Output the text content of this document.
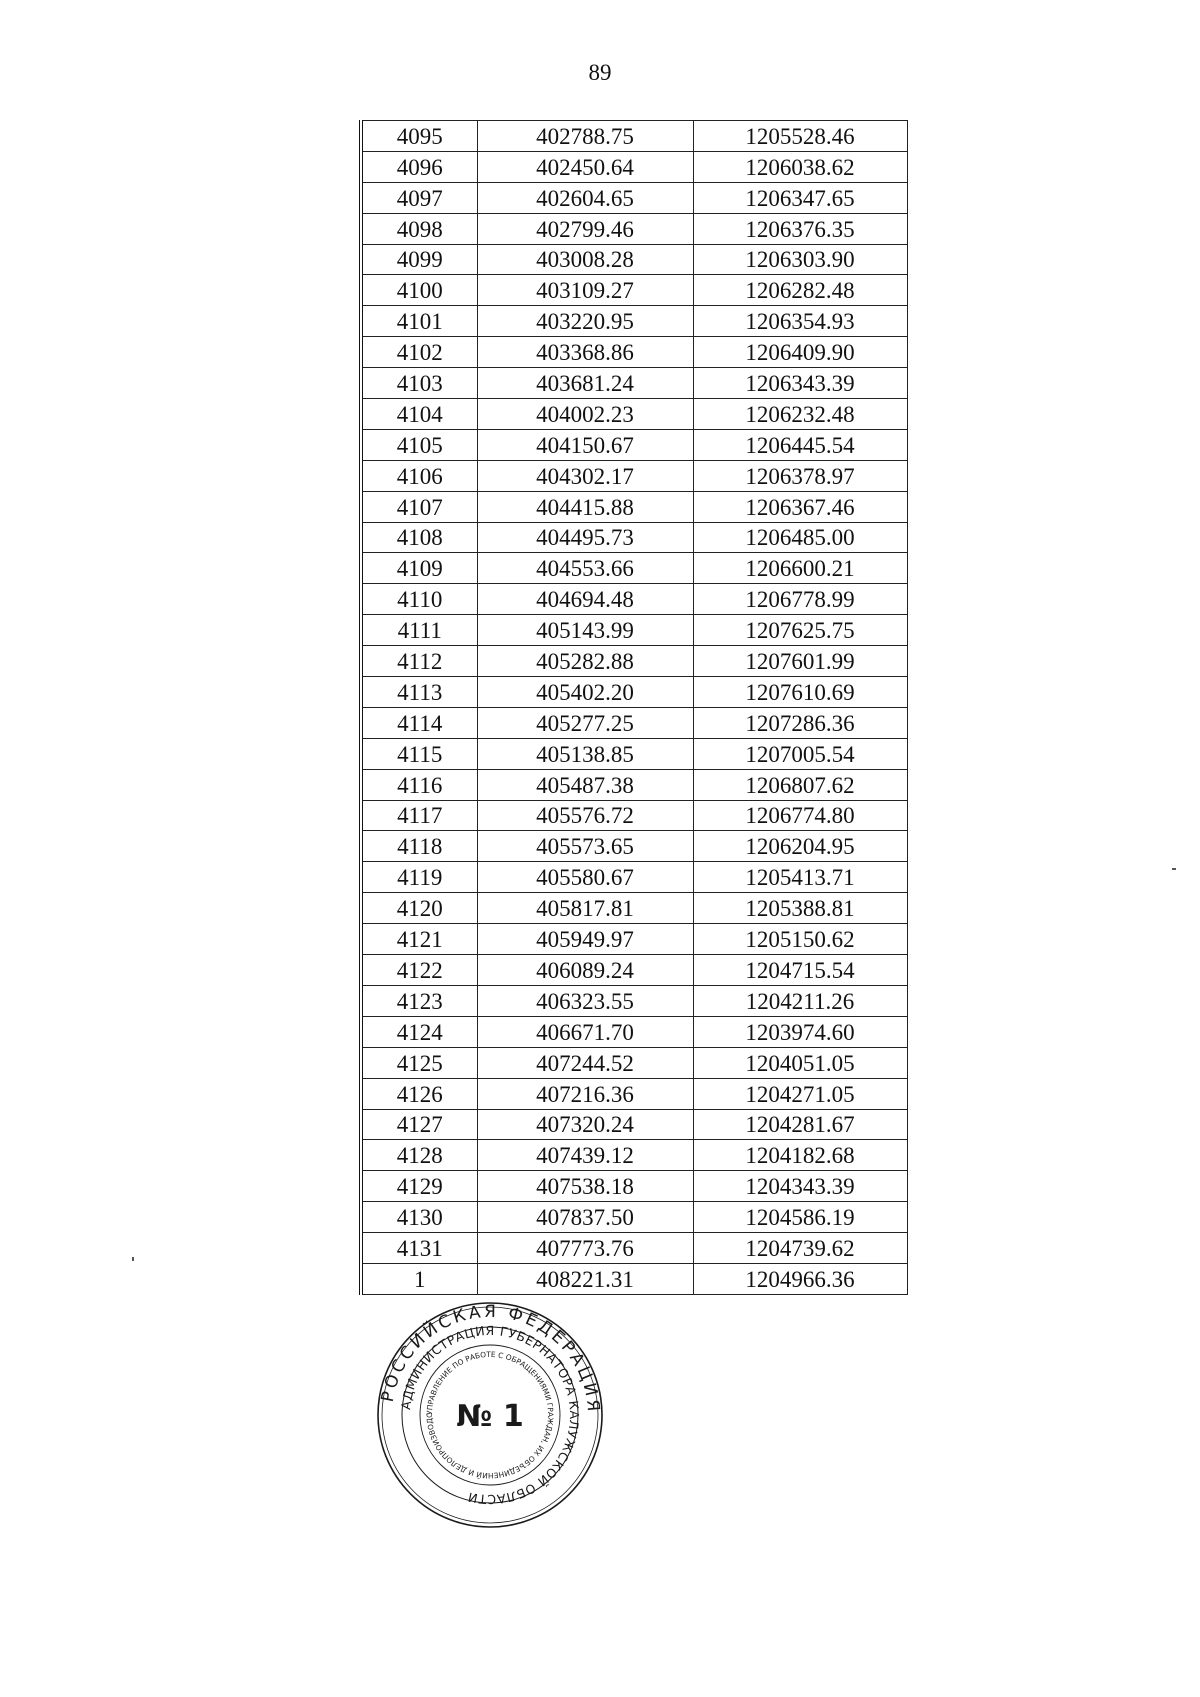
89
4095	402788.75	1205528.46
4096	402450.64	1206038.62
4097	402604.65	1206347.65
4098	402799.46	1206376.35
4099	403008.28	1206303.90
4100	403109.27	1206282.48
4101	403220.95	1206354.93
4102	403368.86	1206409.90
4103	403681.24	1206343.39
4104	404002.23	1206232.48
4105	404150.67	1206445.54
4106	404302.17	1206378.97
4107	404415.88	1206367.46
4108	404495.73	1206485.00
4109	404553.66	1206600.21
4110	404694.48	1206778.99
4111	405143.99	1207625.75
4112	405282.88	1207601.99
4113	405402.20	1207610.69
4114	405277.25	1207286.36
4115	405138.85	1207005.54
4116	405487.38	1206807.62
4117	405576.72	1206774.80
4118	405573.65	1206204.95
4119	405580.67	1205413.71
4120	405817.81	1205388.81
4121	405949.97	1205150.62
4122	406089.24	1204715.54
4123	406323.55	1204211.26
4124	406671.70	1203974.60
4125	407244.52	1204051.05
4126	407216.36	1204271.05
4127	407320.24	1204281.67
4128	407439.12	1204182.68
4129	407538.18	1204343.39
4130	407837.50	1204586.19
4131	407773.76	1204739.62
1	408221.31	1204966.36
РОССИЙСКАЯ ФЕДЕРАЦИЯ
АДМИНИСТРАЦИЯ ГУБЕРНАТОРА КАЛУЖСКОЙ ОБЛАСТИ
УПРАВЛЕНИЕ ПО РАБОТЕ С ОБРАЩЕНИЯМИ ГРАЖДАН, ИХ ОБЪЕДИНЕНИЙ И ДЕЛОПРОИЗВОДС № 1
